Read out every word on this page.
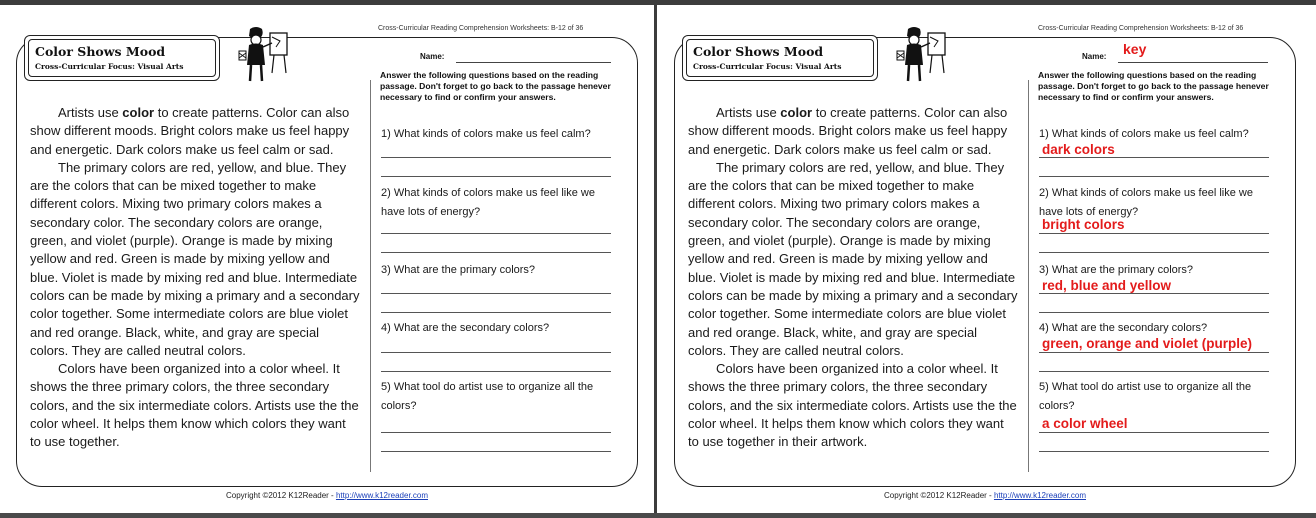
Cross-Curricular Reading Comprehension Worksheets: B-12 of 36
Color Shows Mood
Cross-Curricular Focus: Visual Arts
Name:
Answer the following questions based on the reading passage. Don't forget to go back to the passage henever necessary to find or confirm your answers.

Artists use color to create patterns. Color can also show different moods. Bright colors make us feel happy and energetic. Dark colors make us feel calm or sad.

The primary colors are red, yellow, and blue. They are the colors that can be mixed together to make different colors. Mixing two primary colors makes a secondary color. The secondary colors are orange, green, and violet (purple). Orange is made by mixing yellow and red. Green is made by mixing yellow and blue. Violet is made by mixing red and blue. Intermediate colors can be made by mixing a primary and a secondary color together. Some intermediate colors are blue violet and red orange. Black, white, and gray are special colors. They are called neutral colors.

Colors have been organized into a color wheel. It shows the three primary colors, the three secondary colors, and the six intermediate colors. Artists use the the color wheel. It helps them know which colors they want to use together.

1) What kinds of colors make us feel calm?
2) What kinds of colors make us feel like we have lots of energy?
3) What are the primary colors?
4) What are the secondary colors?
5) What tool do artist use to organize all the colors?
Copyright ©2012 K12Reader - http://www.k12reader.com
Cross-Curricular Reading Comprehension Worksheets: B-12 of 36
Color Shows Mood
Cross-Curricular Focus: Visual Arts
Name: key
Answer the following questions based on the reading passage. Don't forget to go back to the passage henever necessary to find or confirm your answers.

Artists use color to create patterns. Color can also show different moods. Bright colors make us feel happy and energetic. Dark colors make us feel calm or sad.

The primary colors are red, yellow, and blue. They are the colors that can be mixed together to make different colors. Mixing two primary colors makes a secondary color. The secondary colors are orange, green, and violet (purple). Orange is made by mixing yellow and red. Green is made by mixing yellow and blue. Violet is made by mixing red and blue. Intermediate colors can be made by mixing a primary and a secondary color together. Some intermediate colors are blue violet and red orange. Black, white, and gray are special colors. They are called neutral colors.

Colors have been organized into a color wheel. It shows the three primary colors, the three secondary colors, and the six intermediate colors. Artists use the the color wheel. It helps them know which colors they want to use together in their artwork.

1) What kinds of colors make us feel calm?
dark colors
2) What kinds of colors make us feel like we have lots of energy?
bright colors
3) What are the primary colors?
red, blue and yellow
4) What are the secondary colors?
green, orange and violet (purple)
5) What tool do artist use to organize all the colors?
a color wheel
Copyright ©2012 K12Reader - http://www.k12reader.com
